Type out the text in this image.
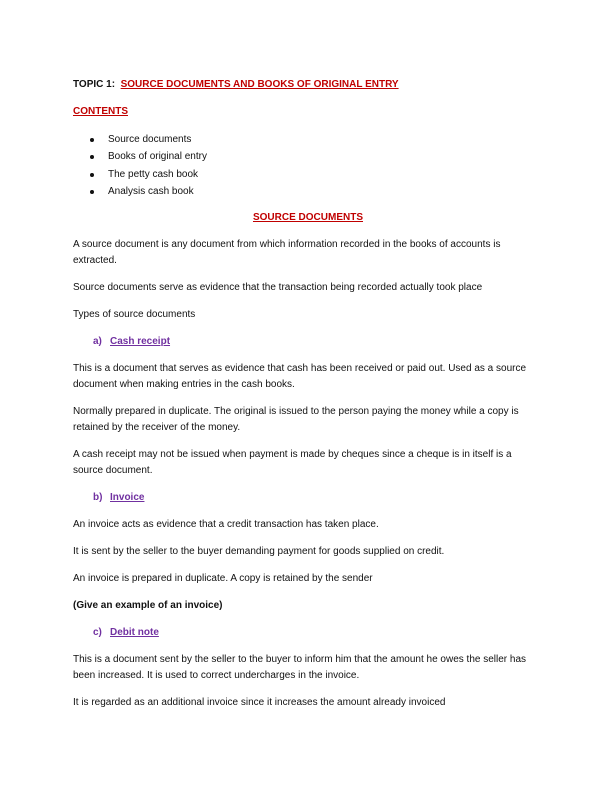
TOPIC 1: SOURCE DOCUMENTS AND BOOKS OF ORIGINAL ENTRY

CONTENTS

Source documents
Books of original entry
The petty cash book
Analysis cash book

SOURCE DOCUMENTS

A source document is any document from which information recorded in the books of accounts is extracted.

Source documents serve as evidence that the transaction being recorded actually took place

Types of source documents

a) Cash receipt

This is a document that serves as evidence that cash has been received or paid out. Used as a source document when making entries in the cash books.

Normally prepared in duplicate. The original is issued to the person paying the money while a copy is retained by the receiver of the money.

A cash receipt may not be issued when payment is made by cheques since a cheque is in itself is a source document.

b) Invoice

An invoice acts as evidence that a credit transaction has taken place.

It is sent by the seller to the buyer demanding payment for goods supplied on credit.

An invoice is prepared in duplicate. A copy is retained by the sender

(Give an example of an invoice)

c) Debit note

This is a document sent by the seller to the buyer to inform him that the amount he owes the seller has been increased. It is used to correct undercharges in the invoice.

It is regarded as an additional invoice since it increases the amount already invoiced
